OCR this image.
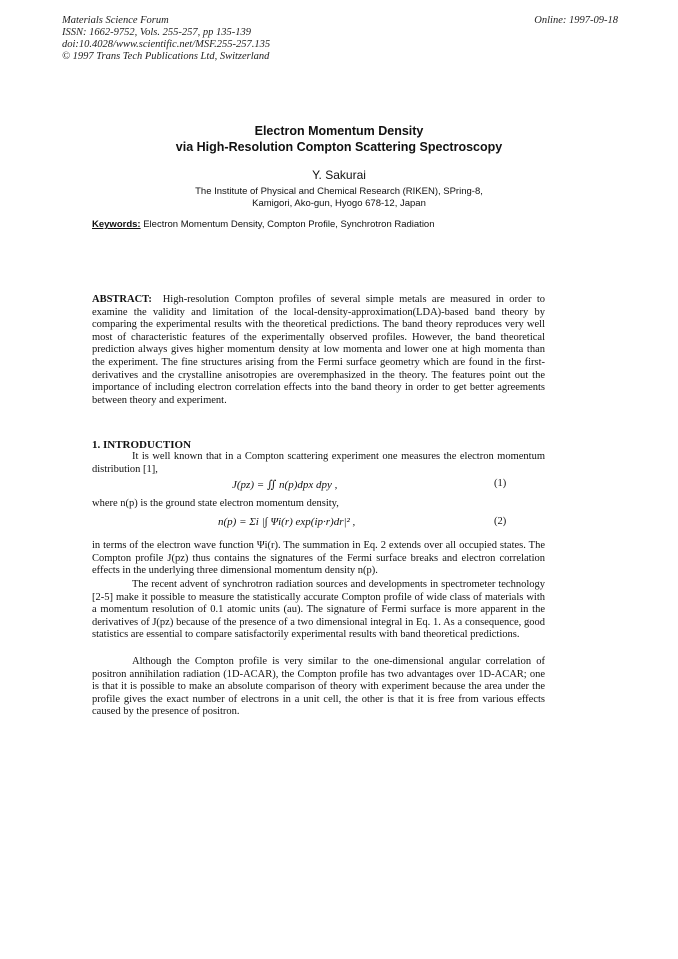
Materials Science Forum
ISSN: 1662-9752, Vols. 255-257, pp 135-139
doi:10.4028/www.scientific.net/MSF.255-257.135
© 1997 Trans Tech Publications Ltd, Switzerland
Online: 1997-09-18
Electron Momentum Density
via High-Resolution Compton Scattering Spectroscopy
Y. Sakurai
The Institute of Physical and Chemical Research (RIKEN), SPring-8,
Kamigori, Ako-gun, Hyogo 678-12, Japan
Keywords: Electron Momentum Density, Compton Profile, Synchrotron Radiation
ABSTRACT: High-resolution Compton profiles of several simple metals are measured in order to examine the validity and limitation of the local-density-approximation(LDA)-based band theory by comparing the experimental results with the theoretical predictions. The band theory reproduces very well most of characteristic features of the experimentally observed profiles. However, the band theoretical prediction always gives higher momentum density at low momenta and lower one at high momenta than the experiment. The fine structures arising from the Fermi surface geometry which are found in the first-derivatives and the crystalline anisotropies are overemphasized in the theory. The features point out the importance of including electron correlation effects into the band theory in order to get better agreements between theory and experiment.
1. INTRODUCTION
It is well known that in a Compton scattering experiment one measures the electron momentum distribution [1],
J(pz) = ∬ n(p)dpx dpy ,	(1)
where n(p) is the ground state electron momentum density,
n(p) = Σi |∫ Ψi(r) exp(ip·r)dr|² ,	(2)
in terms of the electron wave function Ψi(r). The summation in Eq. 2 extends over all occupied states. The Compton profile J(pz) thus contains the signatures of the Fermi surface breaks and electron correlation effects in the underlying three dimensional momentum density n(p).
The recent advent of synchrotron radiation sources and developments in spectrometer technology [2-5] make it possible to measure the statistically accurate Compton profile of wide class of materials with a momentum resolution of 0.1 atomic units (au). The signature of Fermi surface is more apparent in the derivatives of J(pz) because of the presence of a two dimensional integral in Eq. 1. As a consequence, good statistics are essential to compare satisfactorily experimental results with band theoretical predictions.
Although the Compton profile is very similar to the one-dimensional angular correlation of positron annihilation radiation (1D-ACAR), the Compton profile has two advantages over 1D-ACAR; one is that it is possible to make an absolute comparison of theory with experiment because the area under the profile gives the exact number of electrons in a unit cell, the other is that it is free from various effects caused by the presence of positron.
